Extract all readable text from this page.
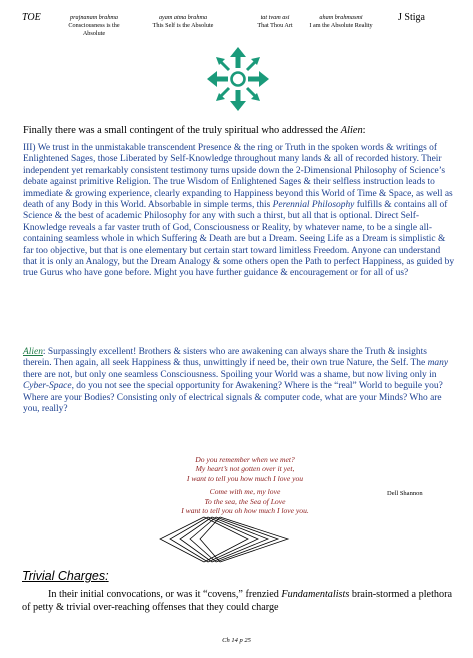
TOE	prajnanam brahma
Consciousness is the Absolute
ayam atma brahma
This Self is the Absolute
tat tvam asi
That Thou Art
aham brahmasmi
I am the Absolute Reality
J Stiga
Finally there was a small contingent of the truly spiritual who addressed the Alien:
III) We trust in the unmistakable transcendent Presence & the ring or Truth in the spoken words & writings of Enlightened Sages, those Liberated by Self-Knowledge throughout many lands & all of recorded history. Their independent yet remarkably consistent testimony turns upside down the 2-Dimensional Philosophy of Science’s debate against primitive Religion. The true Wisdom of Enlightened Sages & their selfless instruction leads to immediate & growing experience, clearly expanding to Happiness beyond this World of Time & Space, as well as death of any Body in this World. Absorbable in simple terms, this Perennial Philosophy fulfills & contains all of Science & the best of academic Philosophy for any with such a thirst, but all that is optional. Direct Self-Knowledge reveals a far vaster truth of God, Consciousness or Reality, by whatever name, to be a single all-containing seamless whole in which Suffering & Death are but a Dream. Seeing Life as a Dream is simplistic & far too objective, but that is one elementary but certain start toward limitless Freedom. Anyone can understand that it is only an Analogy, but the Dream Analogy & some others open the Path to perfect Happiness, as guided by true Gurus who have gone before. Might you have further guidance & encouragement or for all of us?
Alien: Surpassingly excellent! Brothers & sisters who are awakening can always share the Truth & insights therein. Then again, all seek Happiness & thus, unwittingly if need be, their own true Nature, the Self. The many there are not, but only one seamless Consciousness. Spoiling your World was a shame, but now living only in Cyber-Space, do you not see the special opportunity for Awakening? Where is the “real” World to beguile you? Where are your Bodies? Consisting only of electrical signals & computer code, what are your Minds? Who are you, really?
Do you remember when we met?
My heart’s not gotten over it yet,
I want to tell you how much I love you
Come with me, my love
To the sea, the Sea of Love
I want to tell you oh how much I love you.
Dell Shannon
Trivial Charges:
In their initial convocations, or was it “covens,” frenzied Fundamentalists brain-stormed a plethora of petty & trivial over-reaching offenses that they could charge
Ch 14 p 25
